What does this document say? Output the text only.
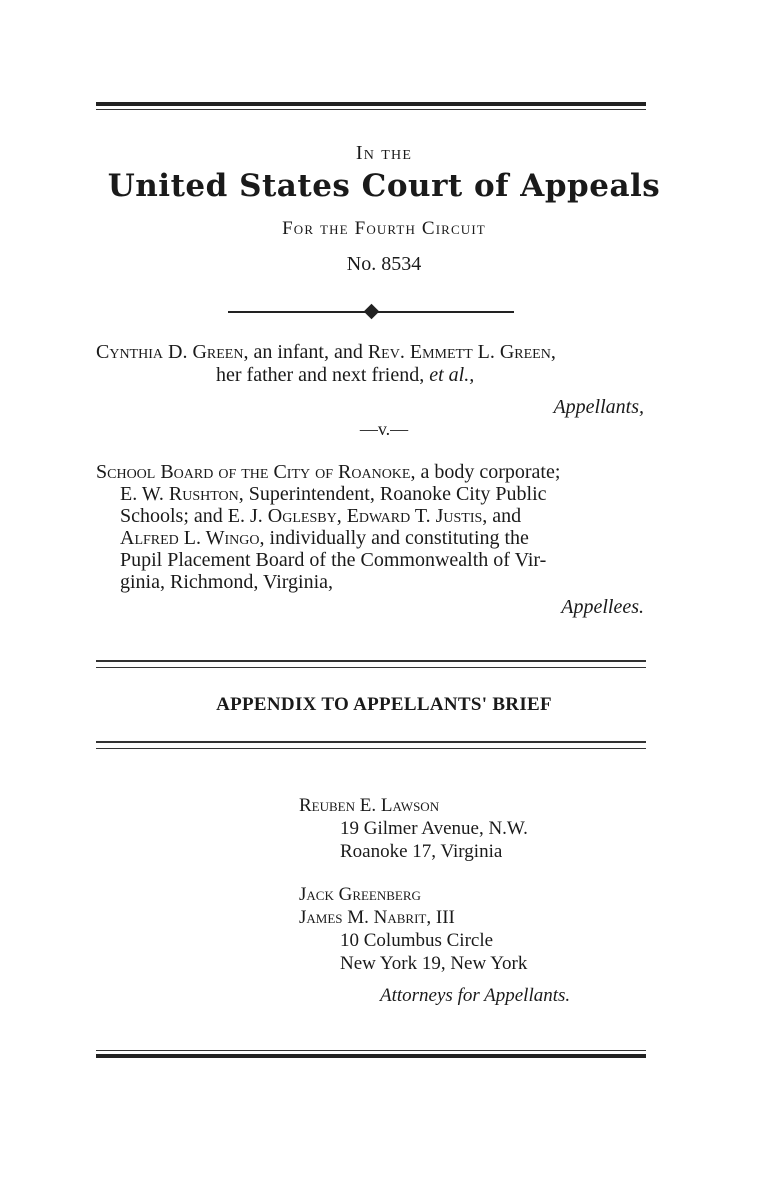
In the
United States Court of Appeals
For the Fourth Circuit
No. 8534
Cynthia D. Green, an infant, and Rev. Emmett L. Green,
her father and next friend, et al.,
Appellants,
—v.—
School Board of the City of Roanoke, a body corporate;
E. W. Rushton, Superintendent, Roanoke City Public
Schools; and E. J. Oglesby, Edward T. Justis, and
Alfred L. Wingo, individually and constituting the
Pupil Placement Board of the Commonwealth of Vir-
ginia, Richmond, Virginia,
Appellees.
APPENDIX TO APPELLANTS' BRIEF
Reuben E. Lawson
19 Gilmer Avenue, N.W.
Roanoke 17, Virginia
Jack Greenberg
James M. Nabrit, III
10 Columbus Circle
New York 19, New York
Attorneys for Appellants.
